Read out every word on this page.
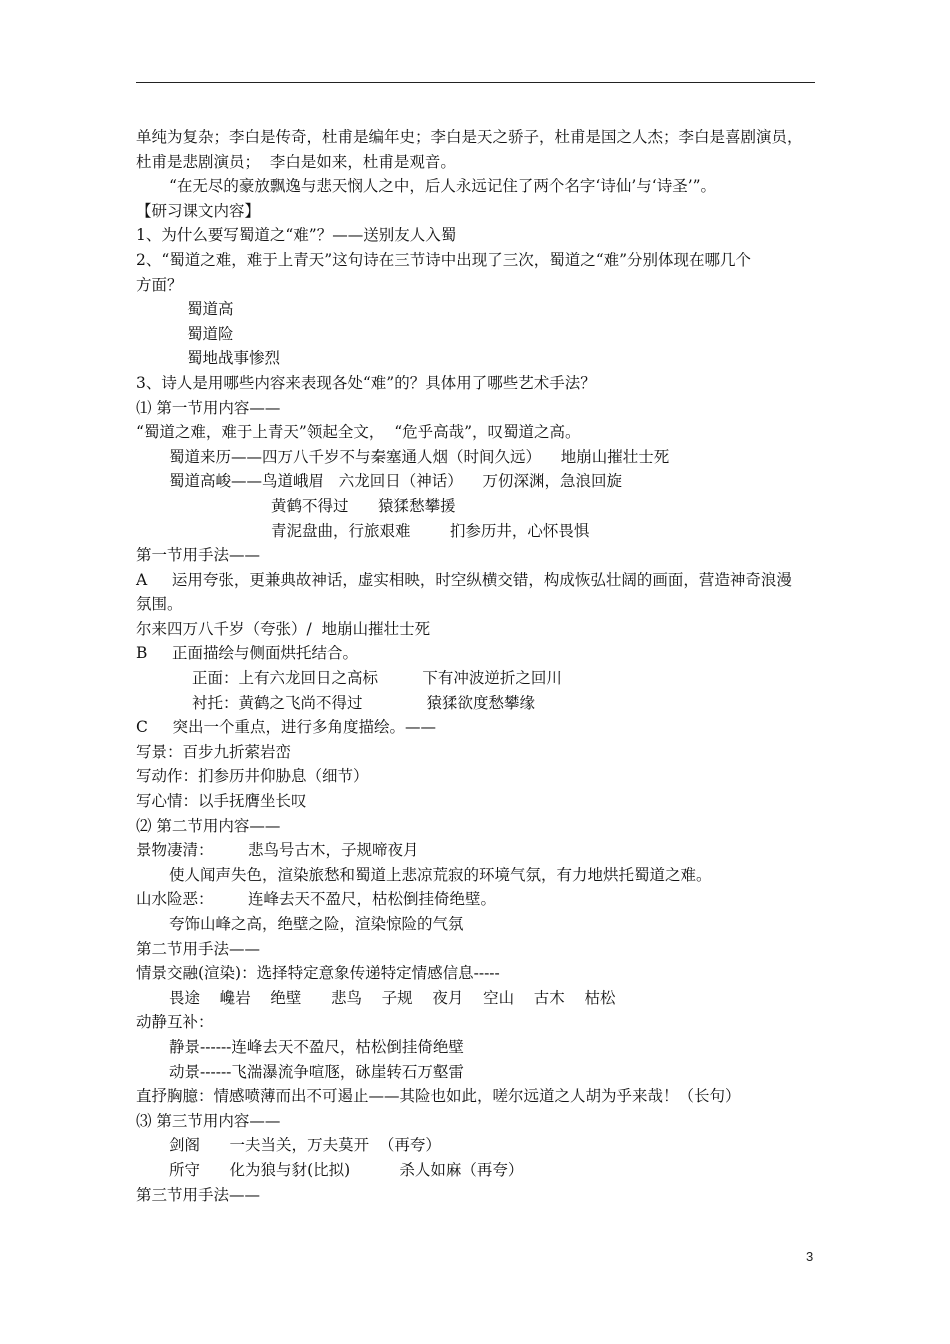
单纯为复杂；李白是传奇，杜甫是编年史；李白是天之骄子，杜甫是国之人杰；李白是喜剧演员，
杜甫是悲剧演员；  李白是如来，杜甫是观音。
“在无尽的豪放飘逸与悲天悯人之中，后人永远记住了两个名字‘诗仙’与‘诗圣’”。
【研习课文内容】
1、为什么要写蜀道之“难”？——送别友人入蜀
2、“蜀道之难，难于上青天”这句诗在三节诗中出现了三次，蜀道之“难”分别体现在哪几个
方面？
蜀道高
蜀道险
蜀地战事惨烈
3、诗人是用哪些内容来表现各处“难”的？具体用了哪些艺术手法？
⑴ 第一节用内容——
“蜀道之难，难于上青天”领起全文，  “危乎高哉”，叹蜀道之高。
蜀道来历——四万八千岁不与秦塞通人烟（时间久远）    地崩山摧壮士死
蜀道高峻——鸟道峨眉   六龙回日（神话）    万仞深渊，急浪回旋
黄鹤不得过      猿猱愁攀援
青泥盘曲，行旅艰难        扪参历井，心怀畏惧
第一节用手法——
A     运用夸张，更兼典故神话，虚实相映，时空纵横交错，构成恢弘壮阔的画面，营造神奇浪漫
氛围。
尔来四万八千岁（夸张）/  地崩山摧壮士死
B     正面描绘与侧面烘托结合。
正面：上有六龙回日之高标         下有冲波逆折之回川
衬托：黄鹤之飞尚不得过             猿猱欲度愁攀缘
C     突出一个重点，进行多角度描绘。——
写景：百步九折萦岩峦
写动作：扪参历井仰胁息（细节）
写心情：以手抚膺坐长叹
⑵ 第二节用内容——
景物凄清：       悲鸟号古木，子规啼夜月
使人闻声失色，渲染旅愁和蜀道上悲凉荒寂的环境气氛，有力地烘托蜀道之难。
山水险恶：       连峰去天不盈尺，枯松倒挂倚绝壁。
夸饰山峰之高，绝壁之险，渲染惊险的气氛
第二节用手法——
情景交融(渲染)：选择特定意象传递特定情感信息-----
畏途    巉岩    绝壁      悲鸟    子规    夜月    空山    古木    枯松
动静互补：
静景------连峰去天不盈尺，枯松倒挂倚绝壁
动景------飞湍瀑流争喧豗，砯崖转石万壑雷
直抒胸臆：情感喷薄而出不可遏止——其险也如此，嗟尔远道之人胡为乎来哉！（长句）
⑶ 第三节用内容——
剑阁      一夫当关，万夫莫开  （再夸）
所守      化为狼与豺(比拟)          杀人如麻（再夸）
第三节用手法——
3
